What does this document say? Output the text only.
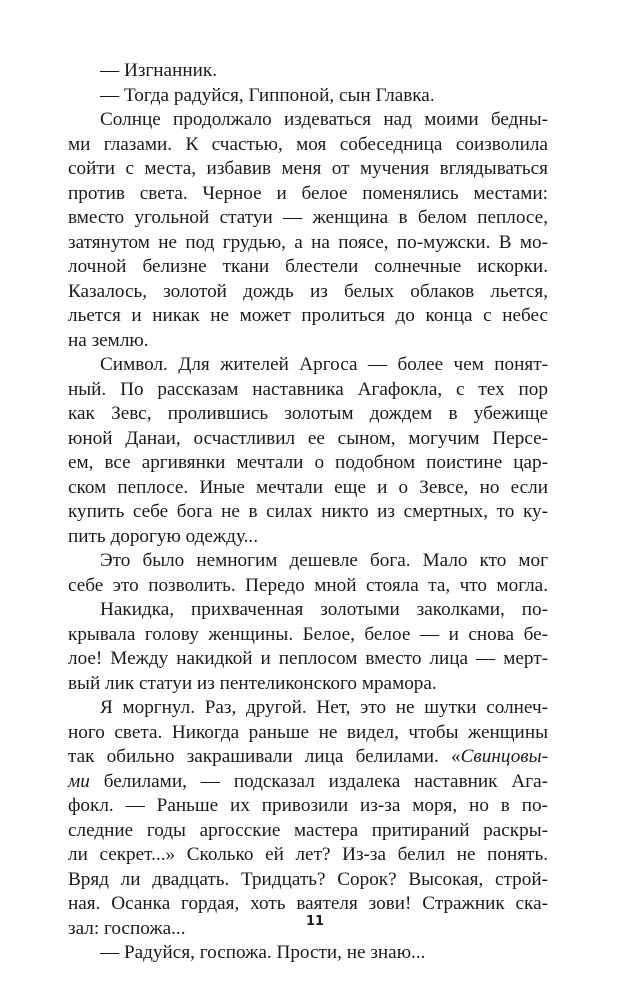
— Изгнанник.
— Тогда радуйся, Гиппоной, сын Главка.
Солнце продолжало издеваться над моими бедны-
ми глазами. К счастью, моя собеседница соизволила
сойти с места, избавив меня от мучения вглядываться
против света. Черное и белое поменялись местами:
вместо угольной статуи — женщина в белом пеплосе,
затянутом не под грудью, а на поясе, по-мужски. В мо-
лочной белизне ткани блестели солнечные искорки.
Казалось, золотой дождь из белых облаков льется,
льется и никак не может пролиться до конца с небес
на землю.
Символ. Для жителей Аргоса — более чем понят-
ный. По рассказам наставника Агафокла, с тех пор
как Зевс, пролившись золотым дождем в убежище
юной Данаи, осчастливил ее сыном, могучим Персе-
ем, все аргивянки мечтали о подобном поистине цар-
ском пеплосе. Иные мечтали еще и о Зевсе, но если
купить себе бога не в силах никто из смертных, то ку-
пить дорогую одежду...
Это было немногим дешевле бога. Мало кто мог
себе это позволить. Передо мной стояла та, что могла.
Накидка, прихваченная золотыми заколками, по-
крывала голову женщины. Белое, белое — и снова бе-
лое! Между накидкой и пеплосом вместо лица — мерт-
вый лик статуи из пентеликонского мрамора.
Я моргнул. Раз, другой. Нет, это не шутки солнеч-
ного света. Никогда раньше не видел, чтобы женщины
так обильно закрашивали лица белилами. «Свинцовы-
ми белилами, — подсказал издалека наставник Ага-
фокл. — Раньше их привозили из-за моря, но в по-
следние годы аргосские мастера притираний раскры-
ли секрет...» Сколько ей лет? Из-за белил не понять.
Вряд ли двадцать. Тридцать? Сорок? Высокая, строй-
ная. Осанка гордая, хоть ваятеля зови! Стражник ска-
зал: госпожа...
— Радуйся, госпожа. Прости, не знаю...
11
